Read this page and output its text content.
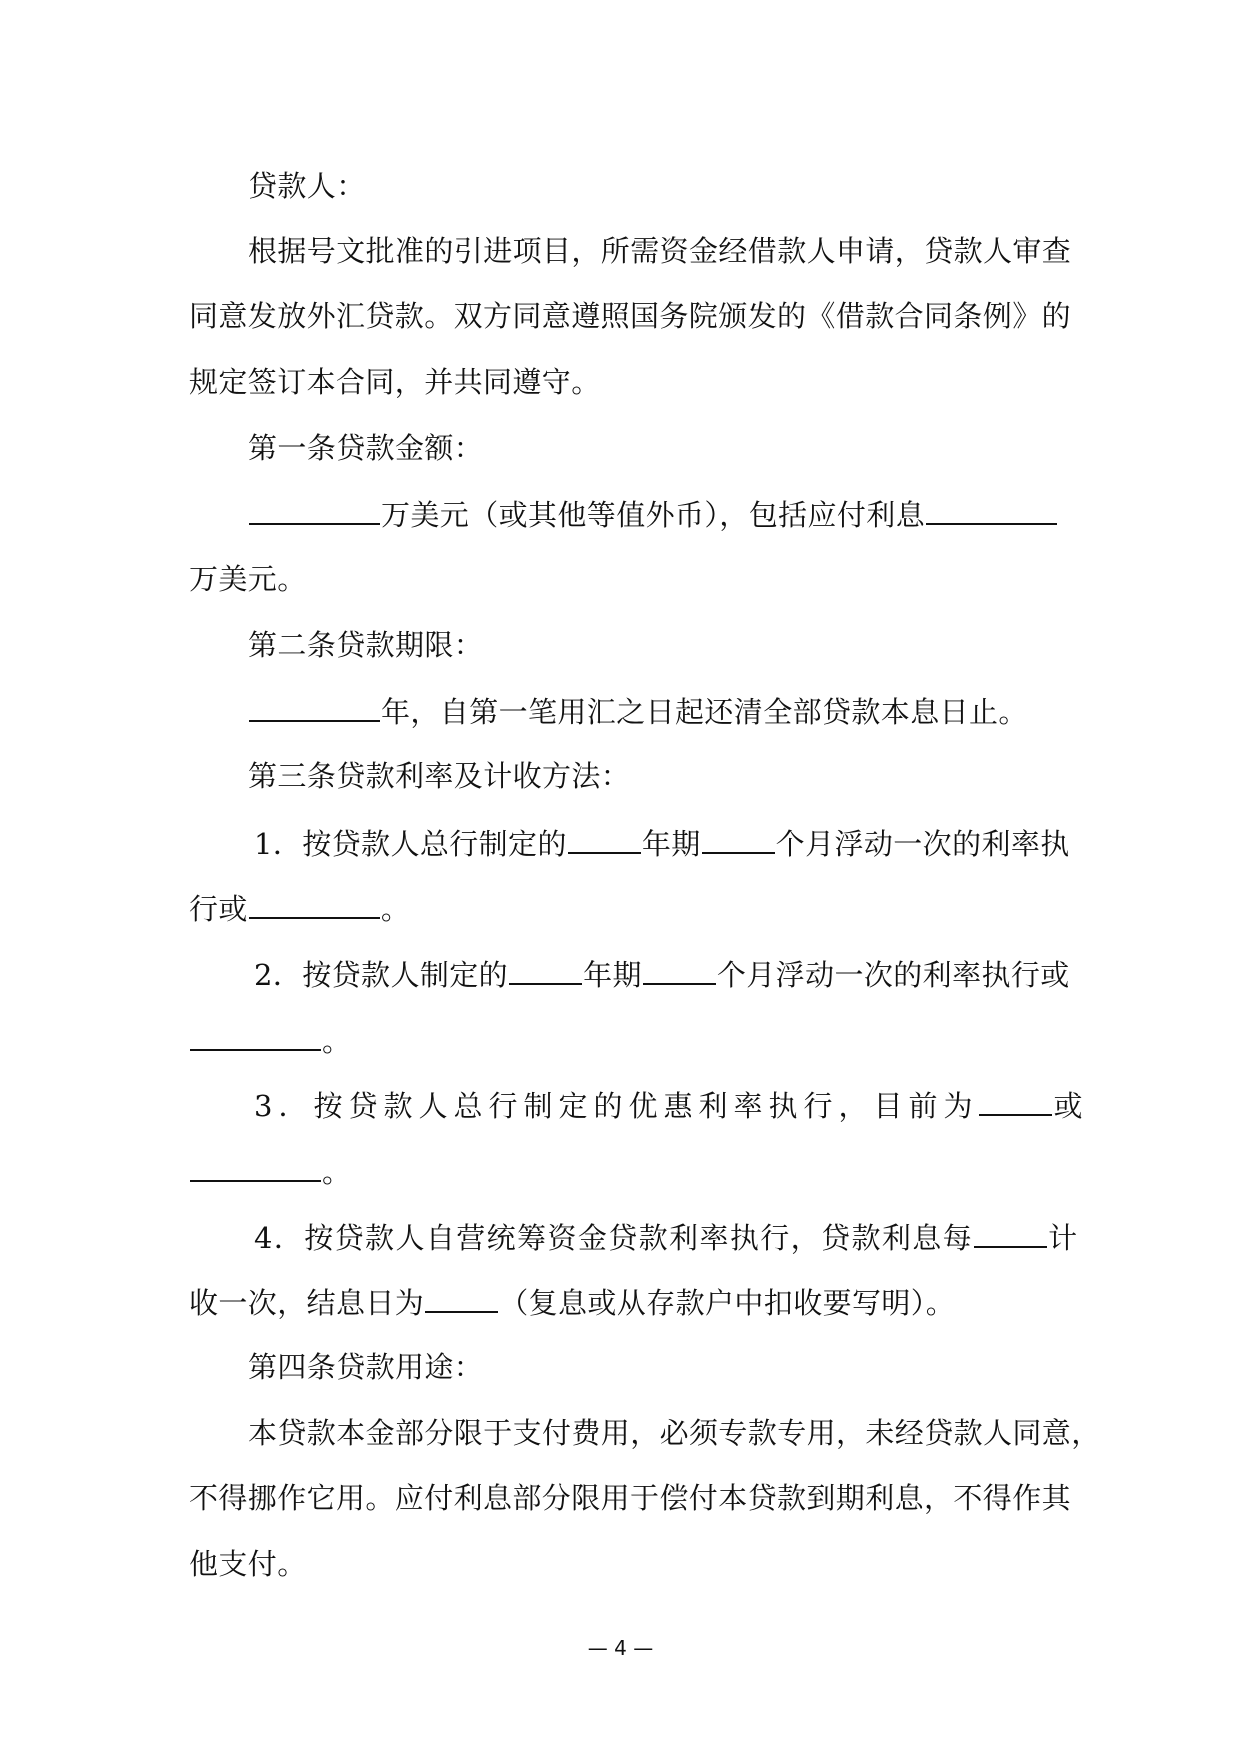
贷款人：
根据号文批准的引进项目，所需资金经借款人申请，贷款人审查
同意发放外汇贷款。双方同意遵照国务院颁发的《借款合同条例》的
规定签订本合同，并共同遵守。
第一条贷款金额：
万美元（或其他等值外币），包括应付利息
万美元。
第二条贷款期限：
年，自第一笔用汇之日起还清全部贷款本息日止。
第三条贷款利率及计收方法：
1．按贷款人总行制定的	年期	个月浮动一次的利率执
行或	。
2．按贷款人制定的	年期	个月浮动一次的利率执行或
。
3．按贷款人总行制定的优惠利率执行，目前为	或
。
4．按贷款人自营统筹资金贷款利率执行，贷款利息每	计
收一次，结息日为	（复息或从存款户中扣收要写明）。
第四条贷款用途：
本贷款本金部分限于支付费用，必须专款专用，未经贷款人同意，
不得挪作它用。应付利息部分限用于偿付本贷款到期利息，不得作其
他支付。
— 4 —
